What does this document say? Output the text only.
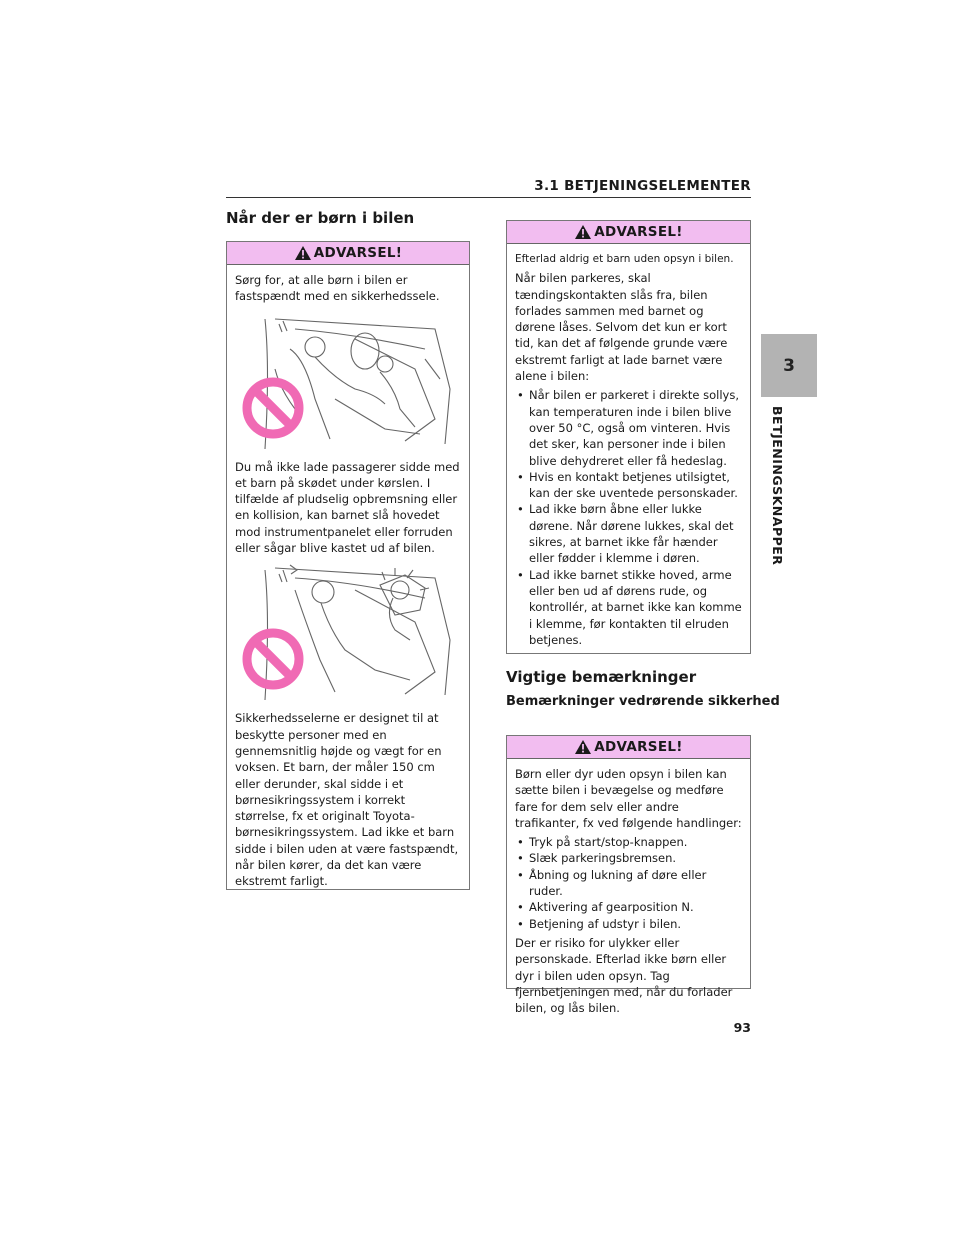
3.1 BETJENINGSELEMENTER
3
BETJENINGSKNAPPER
Når der er børn i bilen
ADVARSEL!

Sørg for, at alle børn i bilen er fastspændt med en sikkerhedssele.

Du må ikke lade passagerer sidde med et barn på skødet under kørslen. I tilfælde af pludselig opbremsning eller en kollision, kan barnet slå hovedet mod instrumentpanelet eller forruden eller sågar blive kastet ud af bilen.

Sikkerhedsselerne er designet til at beskytte personer med en gennemsnitlig højde og vægt for en voksen. Et barn, der måler 150 cm eller derunder, skal sidde i et børnesikringssystem i korrekt størrelse, fx et originalt Toyota-børnesikringssystem. Lad ikke et barn sidde i bilen uden at være fastspændt, når bilen kører, da det kan være ekstremt farligt.

ADVARSEL!

Efterlad aldrig et barn uden opsyn i bilen.

Når bilen parkeres, skal tændingskontakten slås fra, bilen forlades sammen med barnet og dørene låses. Selvom det kun er kort tid, kan det af følgende grunde være ekstremt farligt at lade barnet være alene i bilen:

• Når bilen er parkeret i direkte sollys, kan temperaturen inde i bilen blive over 50 °C, også om vinteren. Hvis det sker, kan personer inde i bilen blive dehydreret eller få hedeslag.
• Hvis en kontakt betjenes utilsigtet, kan der ske uventede personskader.
• Lad ikke børn åbne eller lukke dørene. Når dørene lukkes, skal det sikres, at barnet ikke får hænder eller fødder i klemme i døren.
• Lad ikke barnet stikke hoved, arme eller ben ud af dørens rude, og kontrollér, at barnet ikke kan komme i klemme, før kontakten til elruden betjenes.
Vigtige bemærkninger
Bemærkninger vedrørende sikkerhed
ADVARSEL!

Børn eller dyr uden opsyn i bilen kan sætte bilen i bevægelse og medføre fare for dem selv eller andre trafikanter, fx ved følgende handlinger:

• Tryk på start/stop-knappen.
• Slæk parkeringsbremsen.
• Åbning og lukning af døre eller ruder.
• Aktivering af gearposition N.
• Betjening af udstyr i bilen.

Der er risiko for ulykker eller personskade. Efterlad ikke børn eller dyr i bilen uden opsyn. Tag fjernbetjeningen med, når du forlader bilen, og lås bilen.

93
